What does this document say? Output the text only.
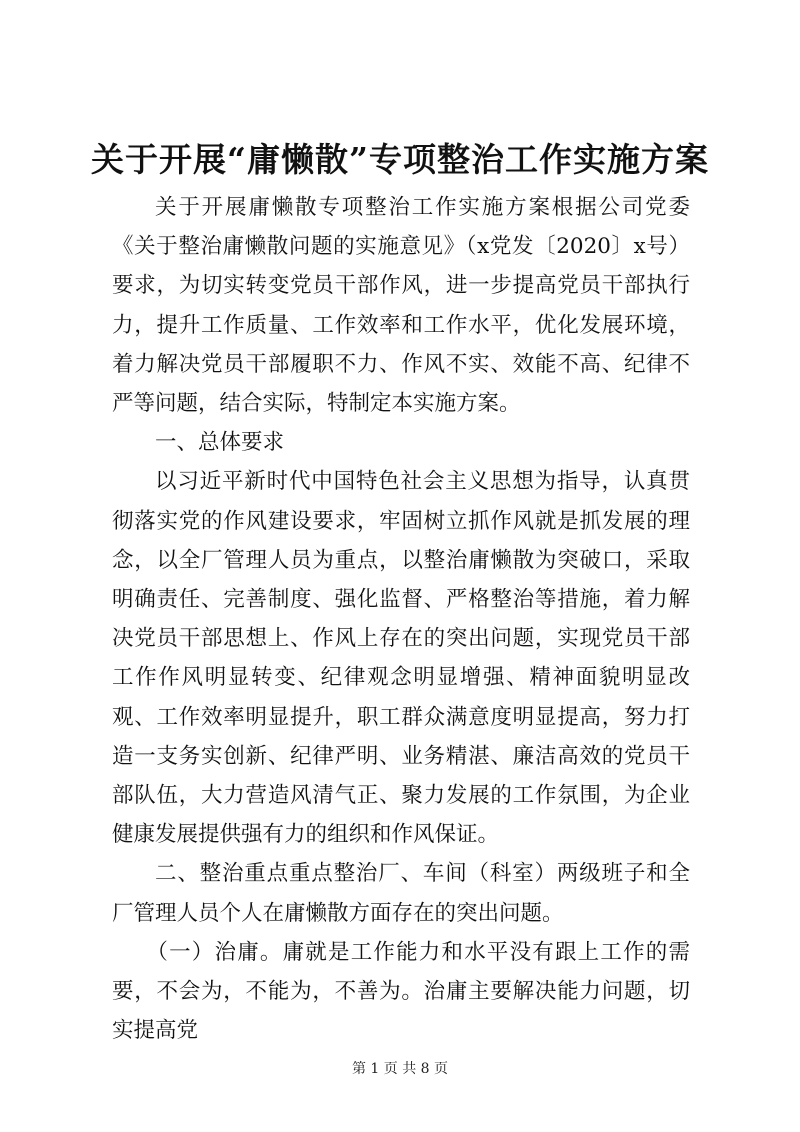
关于开展“庸懒散”专项整治工作实施方案

关于开展庸懒散专项整治工作实施方案根据公司党委《关于整治庸懒散问题的实施意见》（x党发〔2020〕x号）要求，为切实转变党员干部作风，进一步提高党员干部执行力，提升工作质量、工作效率和工作水平，优化发展环境，着力解决党员干部履职不力、作风不实、效能不高、纪律不严等问题，结合实际，特制定本实施方案。

一、总体要求

以习近平新时代中国特色社会主义思想为指导，认真贯彻落实党的作风建设要求，牢固树立抓作风就是抓发展的理念，以全厂管理人员为重点，以整治庸懒散为突破口，采取明确责任、完善制度、强化监督、严格整治等措施，着力解决党员干部思想上、作风上存在的突出问题，实现党员干部工作作风明显转变、纪律观念明显增强、精神面貌明显改观、工作效率明显提升，职工群众满意度明显提高，努力打造一支务实创新、纪律严明、业务精湛、廉洁高效的党员干部队伍，大力营造风清气正、聚力发展的工作氛围，为企业健康发展提供强有力的组织和作风保证。

二、整治重点重点整治厂、车间（科室）两级班子和全厂管理人员个人在庸懒散方面存在的突出问题。

（一）治庸。庸就是工作能力和水平没有跟上工作的需要，不会为，不能为，不善为。治庸主要解决能力问题，切实提高党

第 1 页 共 8 页
